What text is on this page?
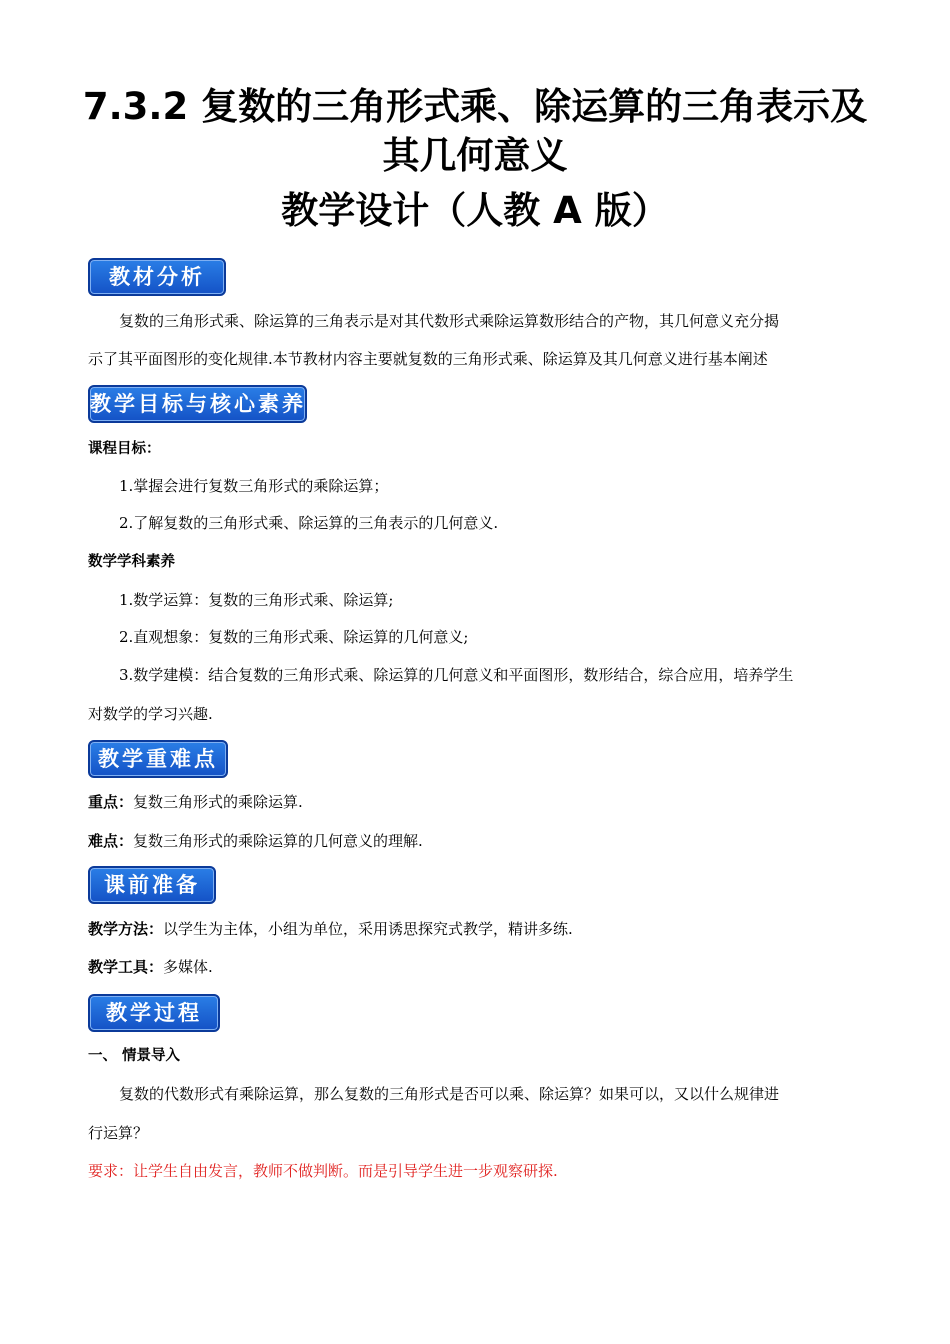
7.3.2 复数的三角形式乘、除运算的三角表示及
其几何意义
教学设计（人教 A 版）
教材分析
复数的三角形式乘、除运算的三角表示是对其代数形式乘除运算数形结合的产物，其几何意义充分揭
示了其平面图形的变化规律.本节教材内容主要就复数的三角形式乘、除运算及其几何意义进行基本阐述
教学目标与核心素养
课程目标：
1.掌握会进行复数三角形式的乘除运算；
2.了解复数的三角形式乘、除运算的三角表示的几何意义.
数学学科素养
1.数学运算：复数的三角形式乘、除运算;
2.直观想象：复数的三角形式乘、除运算的几何意义;
3.数学建模：结合复数的三角形式乘、除运算的几何意义和平面图形，数形结合，综合应用，培养学生
对数学的学习兴趣.
教学重难点
重点：复数三角形式的乘除运算.
难点：复数三角形式的乘除运算的几何意义的理解.
课前准备
教学方法：以学生为主体，小组为单位，采用诱思探究式教学，精讲多练.
教学工具：多媒体.
教学过程
一、 情景导入
复数的代数形式有乘除运算，那么复数的三角形式是否可以乘、除运算？如果可以，又以什么规律进
行运算？
要求：让学生自由发言，教师不做判断。而是引导学生进一步观察研探.
